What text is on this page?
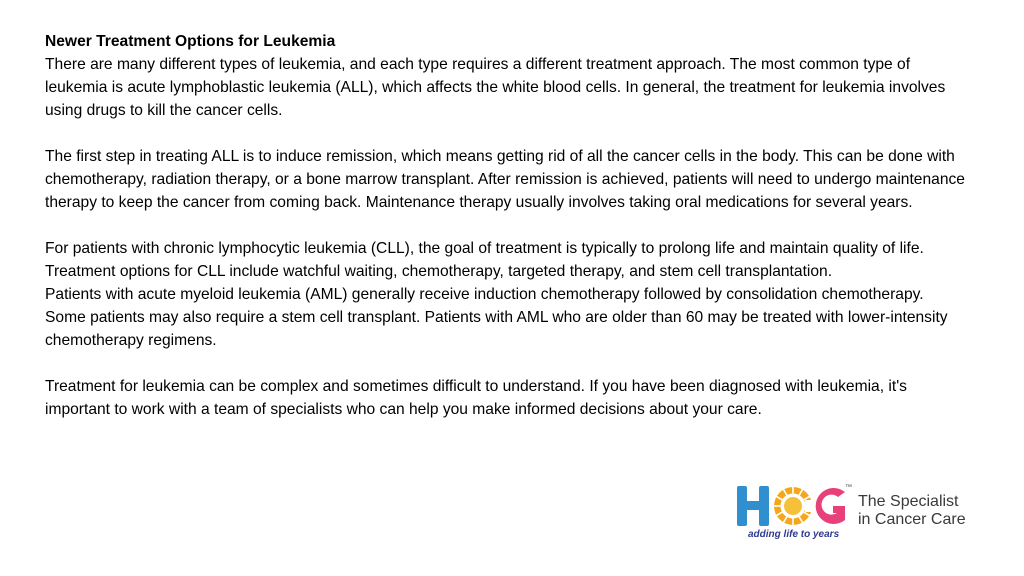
Newer Treatment Options for Leukemia

There are many different types of leukemia, and each type requires a different treatment approach. The most common type of leukemia is acute lymphoblastic leukemia (ALL), which affects the white blood cells. In general, the treatment for leukemia involves using drugs to kill the cancer cells.

The first step in treating ALL is to induce remission, which means getting rid of all the cancer cells in the body. This can be done with chemotherapy, radiation therapy, or a bone marrow transplant. After remission is achieved, patients will need to undergo maintenance therapy to keep the cancer from coming back. Maintenance therapy usually involves taking oral medications for several years.

For patients with chronic lymphocytic leukemia (CLL), the goal of treatment is typically to prolong life and maintain quality of life. Treatment options for CLL include watchful waiting, chemotherapy, targeted therapy, and stem cell transplantation.

Patients with acute myeloid leukemia (AML) generally receive induction chemotherapy followed by consolidation chemotherapy. Some patients may also require a stem cell transplant. Patients with AML who are older than 60 may be treated with lower-intensity chemotherapy regimens.

Treatment for leukemia can be complex and sometimes difficult to understand. If you have been diagnosed with leukemia, it's important to work with a team of specialists who can help you make informed decisions about your care.

™
adding life to years
The Specialist
in Cancer Care
